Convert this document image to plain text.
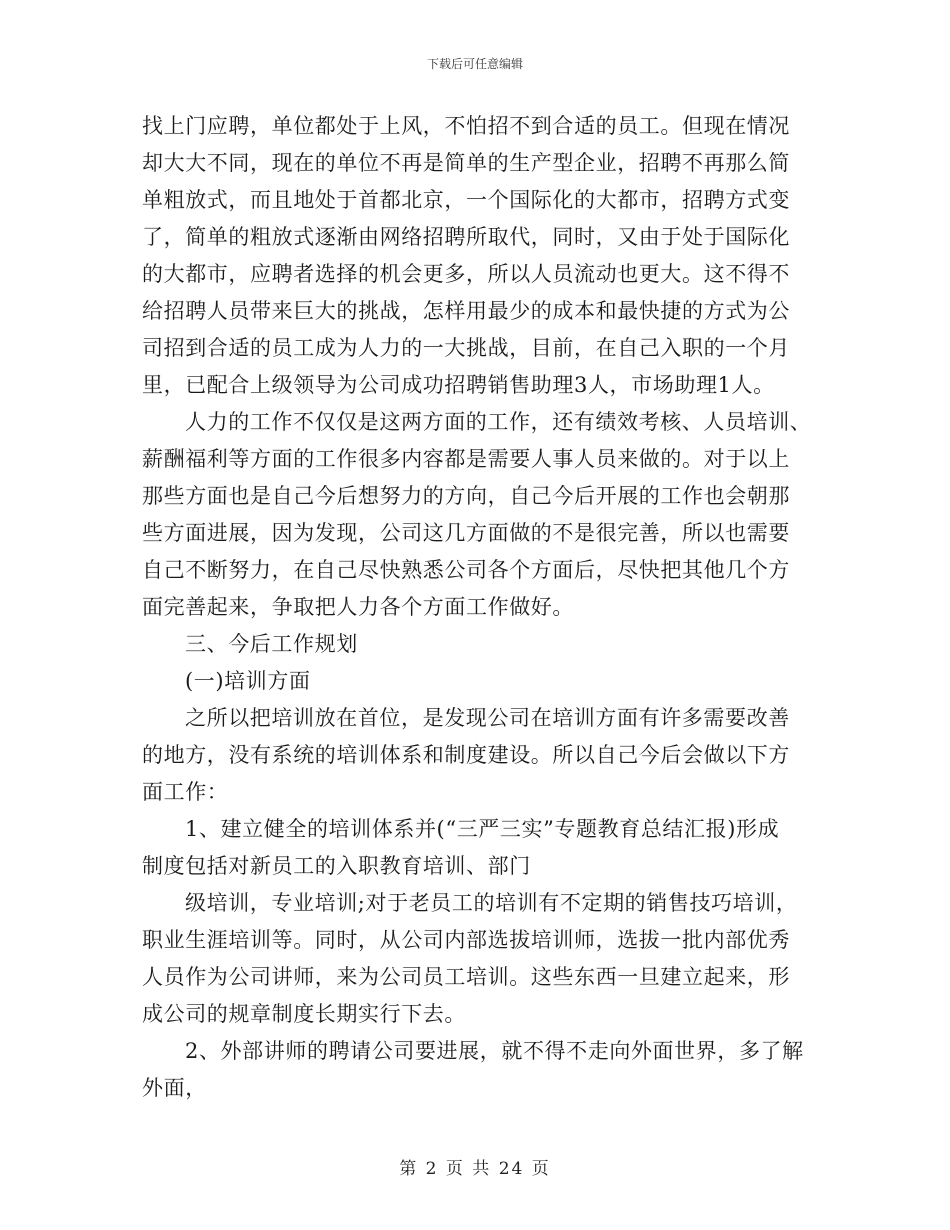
下载后可任意编辑
找上门应聘，单位都处于上风，不怕招不到合适的员工。但现在情况
却大大不同，现在的单位不再是简单的生产型企业，招聘不再那么简
单粗放式，而且地处于首都北京，一个国际化的大都市，招聘方式变
了，简单的粗放式逐渐由网络招聘所取代，同时，又由于处于国际化
的大都市，应聘者选择的机会更多，所以人员流动也更大。这不得不
给招聘人员带来巨大的挑战，怎样用最少的成本和最快捷的方式为公
司招到合适的员工成为人力的一大挑战，目前，在自己入职的一个月
里，已配合上级领导为公司成功招聘销售助理3人，市场助理1人。
人力的工作不仅仅是这两方面的工作，还有绩效考核、人员培训、
薪酬福利等方面的工作很多内容都是需要人事人员来做的。对于以上
那些方面也是自己今后想努力的方向，自己今后开展的工作也会朝那
些方面进展，因为发现，公司这几方面做的不是很完善，所以也需要
自己不断努力，在自己尽快熟悉公司各个方面后，尽快把其他几个方
面完善起来，争取把人力各个方面工作做好。
三、今后工作规划
(一)培训方面
之所以把培训放在首位，是发现公司在培训方面有许多需要改善
的地方，没有系统的培训体系和制度建设。所以自己今后会做以下方
面工作：
1、建立健全的培训体系并(“三严三实”专题教育总结汇报)形成
制度包括对新员工的入职教育培训、部门
级培训，专业培训;对于老员工的培训有不定期的销售技巧培训，
职业生涯培训等。同时，从公司内部选拔培训师，选拔一批内部优秀
人员作为公司讲师，来为公司员工培训。这些东西一旦建立起来，形
成公司的规章制度长期实行下去。
2、外部讲师的聘请公司要进展，就不得不走向外面世界，多了解
外面，
第 2 页 共 24 页
